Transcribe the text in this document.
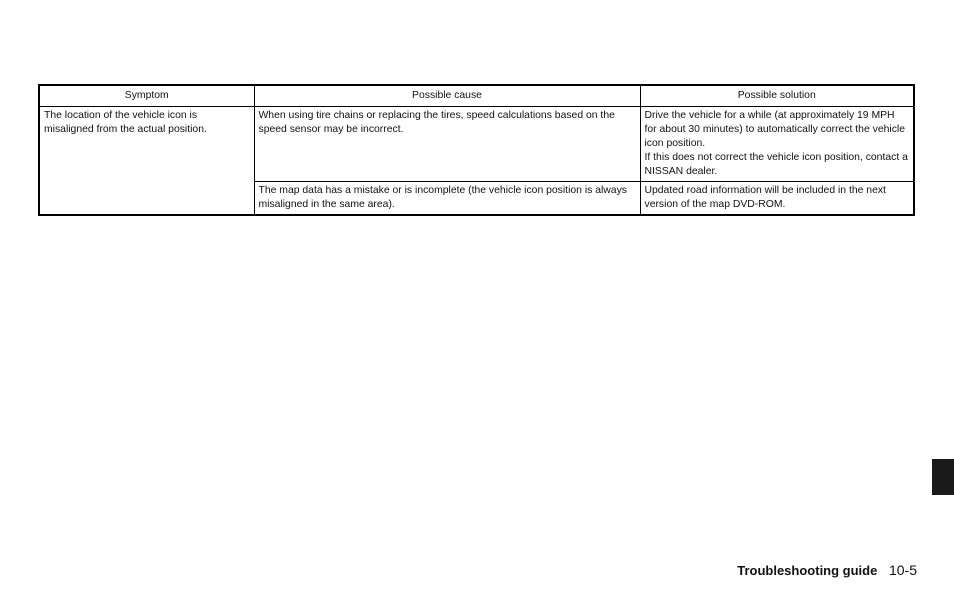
Symptom	Possible cause	Possible solution
The location of the vehicle icon is misaligned from the actual position.	When using tire chains or replacing the tires, speed calculations based on the speed sensor may be incorrect.	Drive the vehicle for a while (at approximately 19 MPH for about 30 minutes) to automatically correct the vehicle icon position.
If this does not correct the vehicle icon position, contact a NISSAN dealer.

	The map data has a mistake or is incomplete (the vehicle icon position is always misaligned in the same area).	Updated road information will be included in the next version of the map DVD-ROM.
Troubleshooting guide 10-5
